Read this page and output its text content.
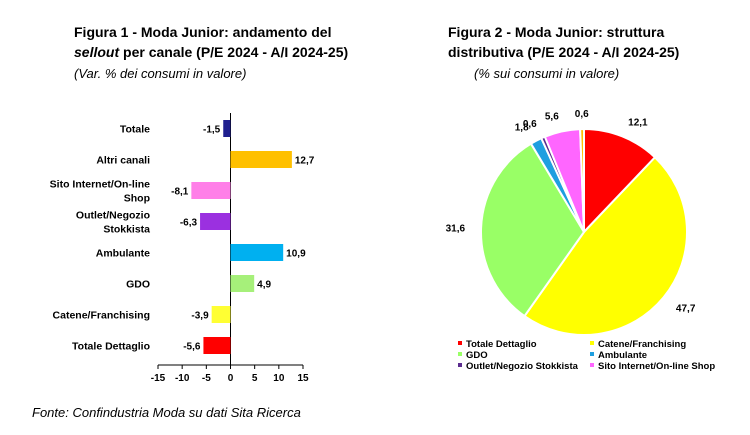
Figura 1 - Moda Junior: andamento del
sellout per canale (P/E 2024 - A/I 2024-25)
(Var. % dei consumi in valore)
Figura 2 - Moda Junior: struttura
distributiva (P/E 2024 - A/I 2024-25)
(% sui consumi in valore)
-15 -10 -5 0 5 10 15
-1,5
Totale
12,7
Altri canali
-8,1
Sito Internet/On-line Shop
-6,3
Outlet/Negozio Stokkista
10,9
Ambulante
4,9
GDO
-3,9
Catene/Franchising
-5,6
Totale Dettaglio
12,1
47,7
31,6
1,8
0,6
5,6 0,6
Totale Dettaglio	Catene/Franchising
GDO	Ambulante
Outlet/Negozio Stokkista Sito Internet/On-line Shop
Fonte: Confindustria Moda su dati Sita Ricerca
